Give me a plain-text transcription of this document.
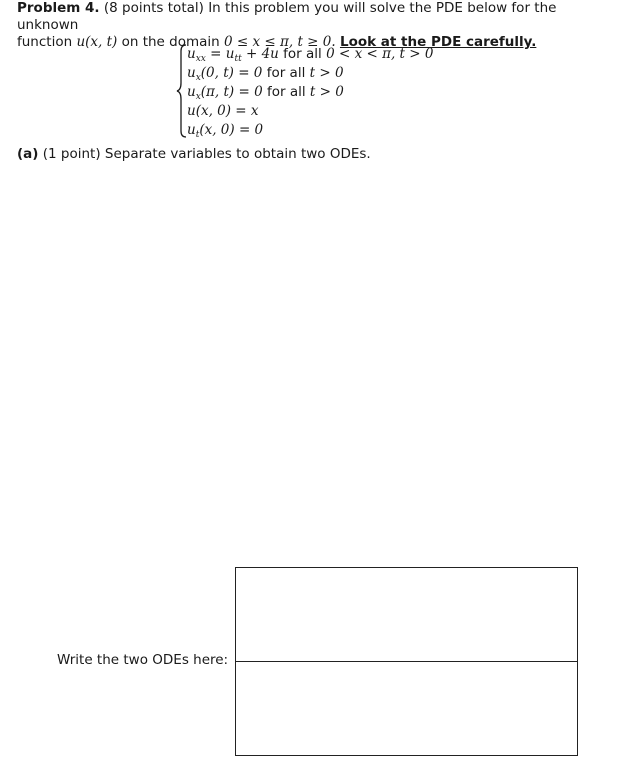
Problem 4. (8 points total) In this problem you will solve the PDE below for the unknown
function u(x, t) on the domain 0 ≤ x ≤ π, t ≥ 0. Look at the PDE carefully.
$u_{xx} = u_{tt} + 4u$ for all 0 < x < π, t > 0
$u_x(0$, t) = 0 for all t > 0
$u_x(\pi$, t) = 0 for all t > 0
u(x, 0) = x
$u_t(x$, 0) = 0
(a) (1 point) Separate variables to obtain two ODEs.
Write the two ODEs here:
